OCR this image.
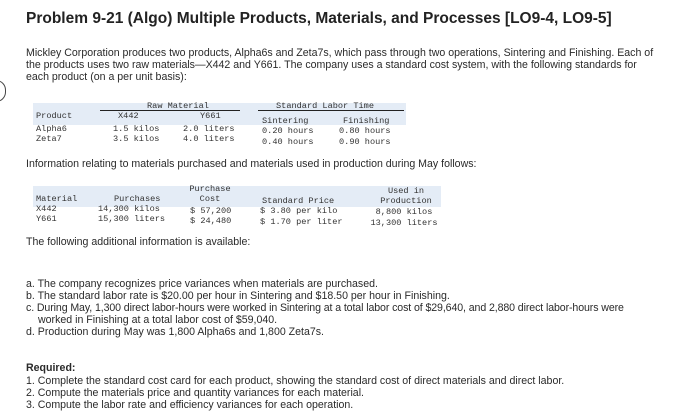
Problem 9-21 (Algo) Multiple Products, Materials, and Processes [LO9-4, LO9-5]
Mickley Corporation produces two products, Alpha6s and Zeta7s, which pass through two operations, Sintering and Finishing. Each of
the products uses two raw materials—X442 and Y661. The company uses a standard cost system, with the following standards for
each product (on a per unit basis):
Raw Material	Standard Labor Time
Product	X442	Y661	Sintering	Finishing
Alpha6	1.5 kilos	2.0 liters	0.20 hours	0.80 hours
Zeta7	3.5 kilos	4.0 liters	0.40 hours	0.90 hours
Information relating to materials purchased and materials used in production during May follows:
Purchase	Used in
Material	Purchases	Cost	Standard Price	Production
X442	14,300 kilos	$ 57,200	$ 3.80 per kilo	8,800 kilos
Y661	15,300 liters	$ 24,480	$ 1.70 per liter	13,300 liters
The following additional information is available:
a. The company recognizes price variances when materials are purchased.
b. The standard labor rate is $20.00 per hour in Sintering and $18.50 per hour in Finishing.
c. During May, 1,300 direct labor-hours were worked in Sintering at a total labor cost of $29,640, and 2,880 direct labor-hours were
worked in Finishing at a total labor cost of $59,040.
d. Production during May was 1,800 Alpha6s and 1,800 Zeta7s.
Required:
1. Complete the standard cost card for each product, showing the standard cost of direct materials and direct labor.
2. Compute the materials price and quantity variances for each material.
3. Compute the labor rate and efficiency variances for each operation.
